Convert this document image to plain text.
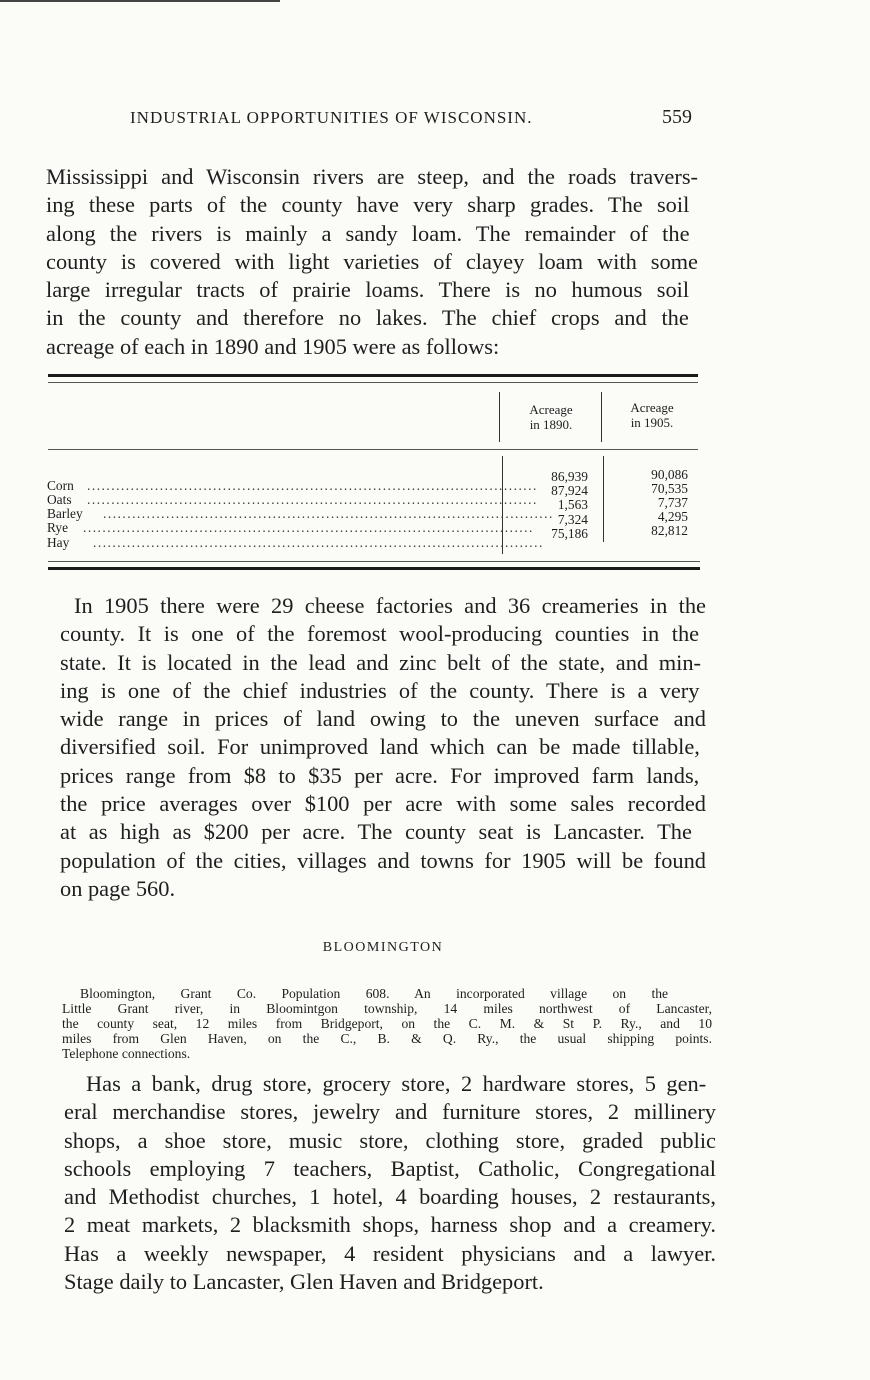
INDUSTRIAL OPPORTUNITIES OF WISCONSIN.	559

Mississippi and Wisconsin rivers are steep, and the roads travers-
ing these parts of the county have very sharp grades. The soil
along the rivers is mainly a sandy loam. The remainder of the
county is covered with light varieties of clayey loam with some
large irregular tracts of prairie loams. There is no humous soil
in the county and therefore no lakes. The chief crops and the
acreage of each in 1890 and 1905 were as follows:

Acreage
in 1890.
Acreage
in 1905.
Corn .............................................................................................
Oats .............................................................................................
Barley .............................................................................................
Rye .............................................................................................
Hay .............................................................................................
86,939
87,924
1,563
7,324
75,186
90,086
70,535
7,737
4,295
82,812

In 1905 there were 29 cheese factories and 36 creameries in the
county. It is one of the foremost wool-producing counties in the
state. It is located in the lead and zinc belt of the state, and min-
ing is one of the chief industries of the county. There is a very
wide range in prices of land owing to the uneven surface and
diversified soil. For unimproved land which can be made tillable,
prices range from $8 to $35 per acre. For improved farm lands,
the price averages over $100 per acre with some sales recorded
at as high as $200 per acre. The county seat is Lancaster. The
population of the cities, villages and towns for 1905 will be found
on page 560.

BLOOMINGTON

Bloomington, Grant Co. Population 608. An incorporated village on the
Little Grant river, in Bloomintgon township, 14 miles northwest of Lancaster,
the county seat, 12 miles from Bridgeport, on the C. M. & St P. Ry., and 10
miles from Glen Haven, on the C., B. & Q. Ry., the usual shipping points.
Telephone connections.

Has a bank, drug store, grocery store, 2 hardware stores, 5 gen-
eral merchandise stores, jewelry and furniture stores, 2 millinery
shops, a shoe store, music store, clothing store, graded public
schools employing 7 teachers, Baptist, Catholic, Congregational
and Methodist churches, 1 hotel, 4 boarding houses, 2 restaurants,
2 meat markets, 2 blacksmith shops, harness shop and a creamery.
Has a weekly newspaper, 4 resident physicians and a lawyer.
Stage daily to Lancaster, Glen Haven and Bridgeport.
